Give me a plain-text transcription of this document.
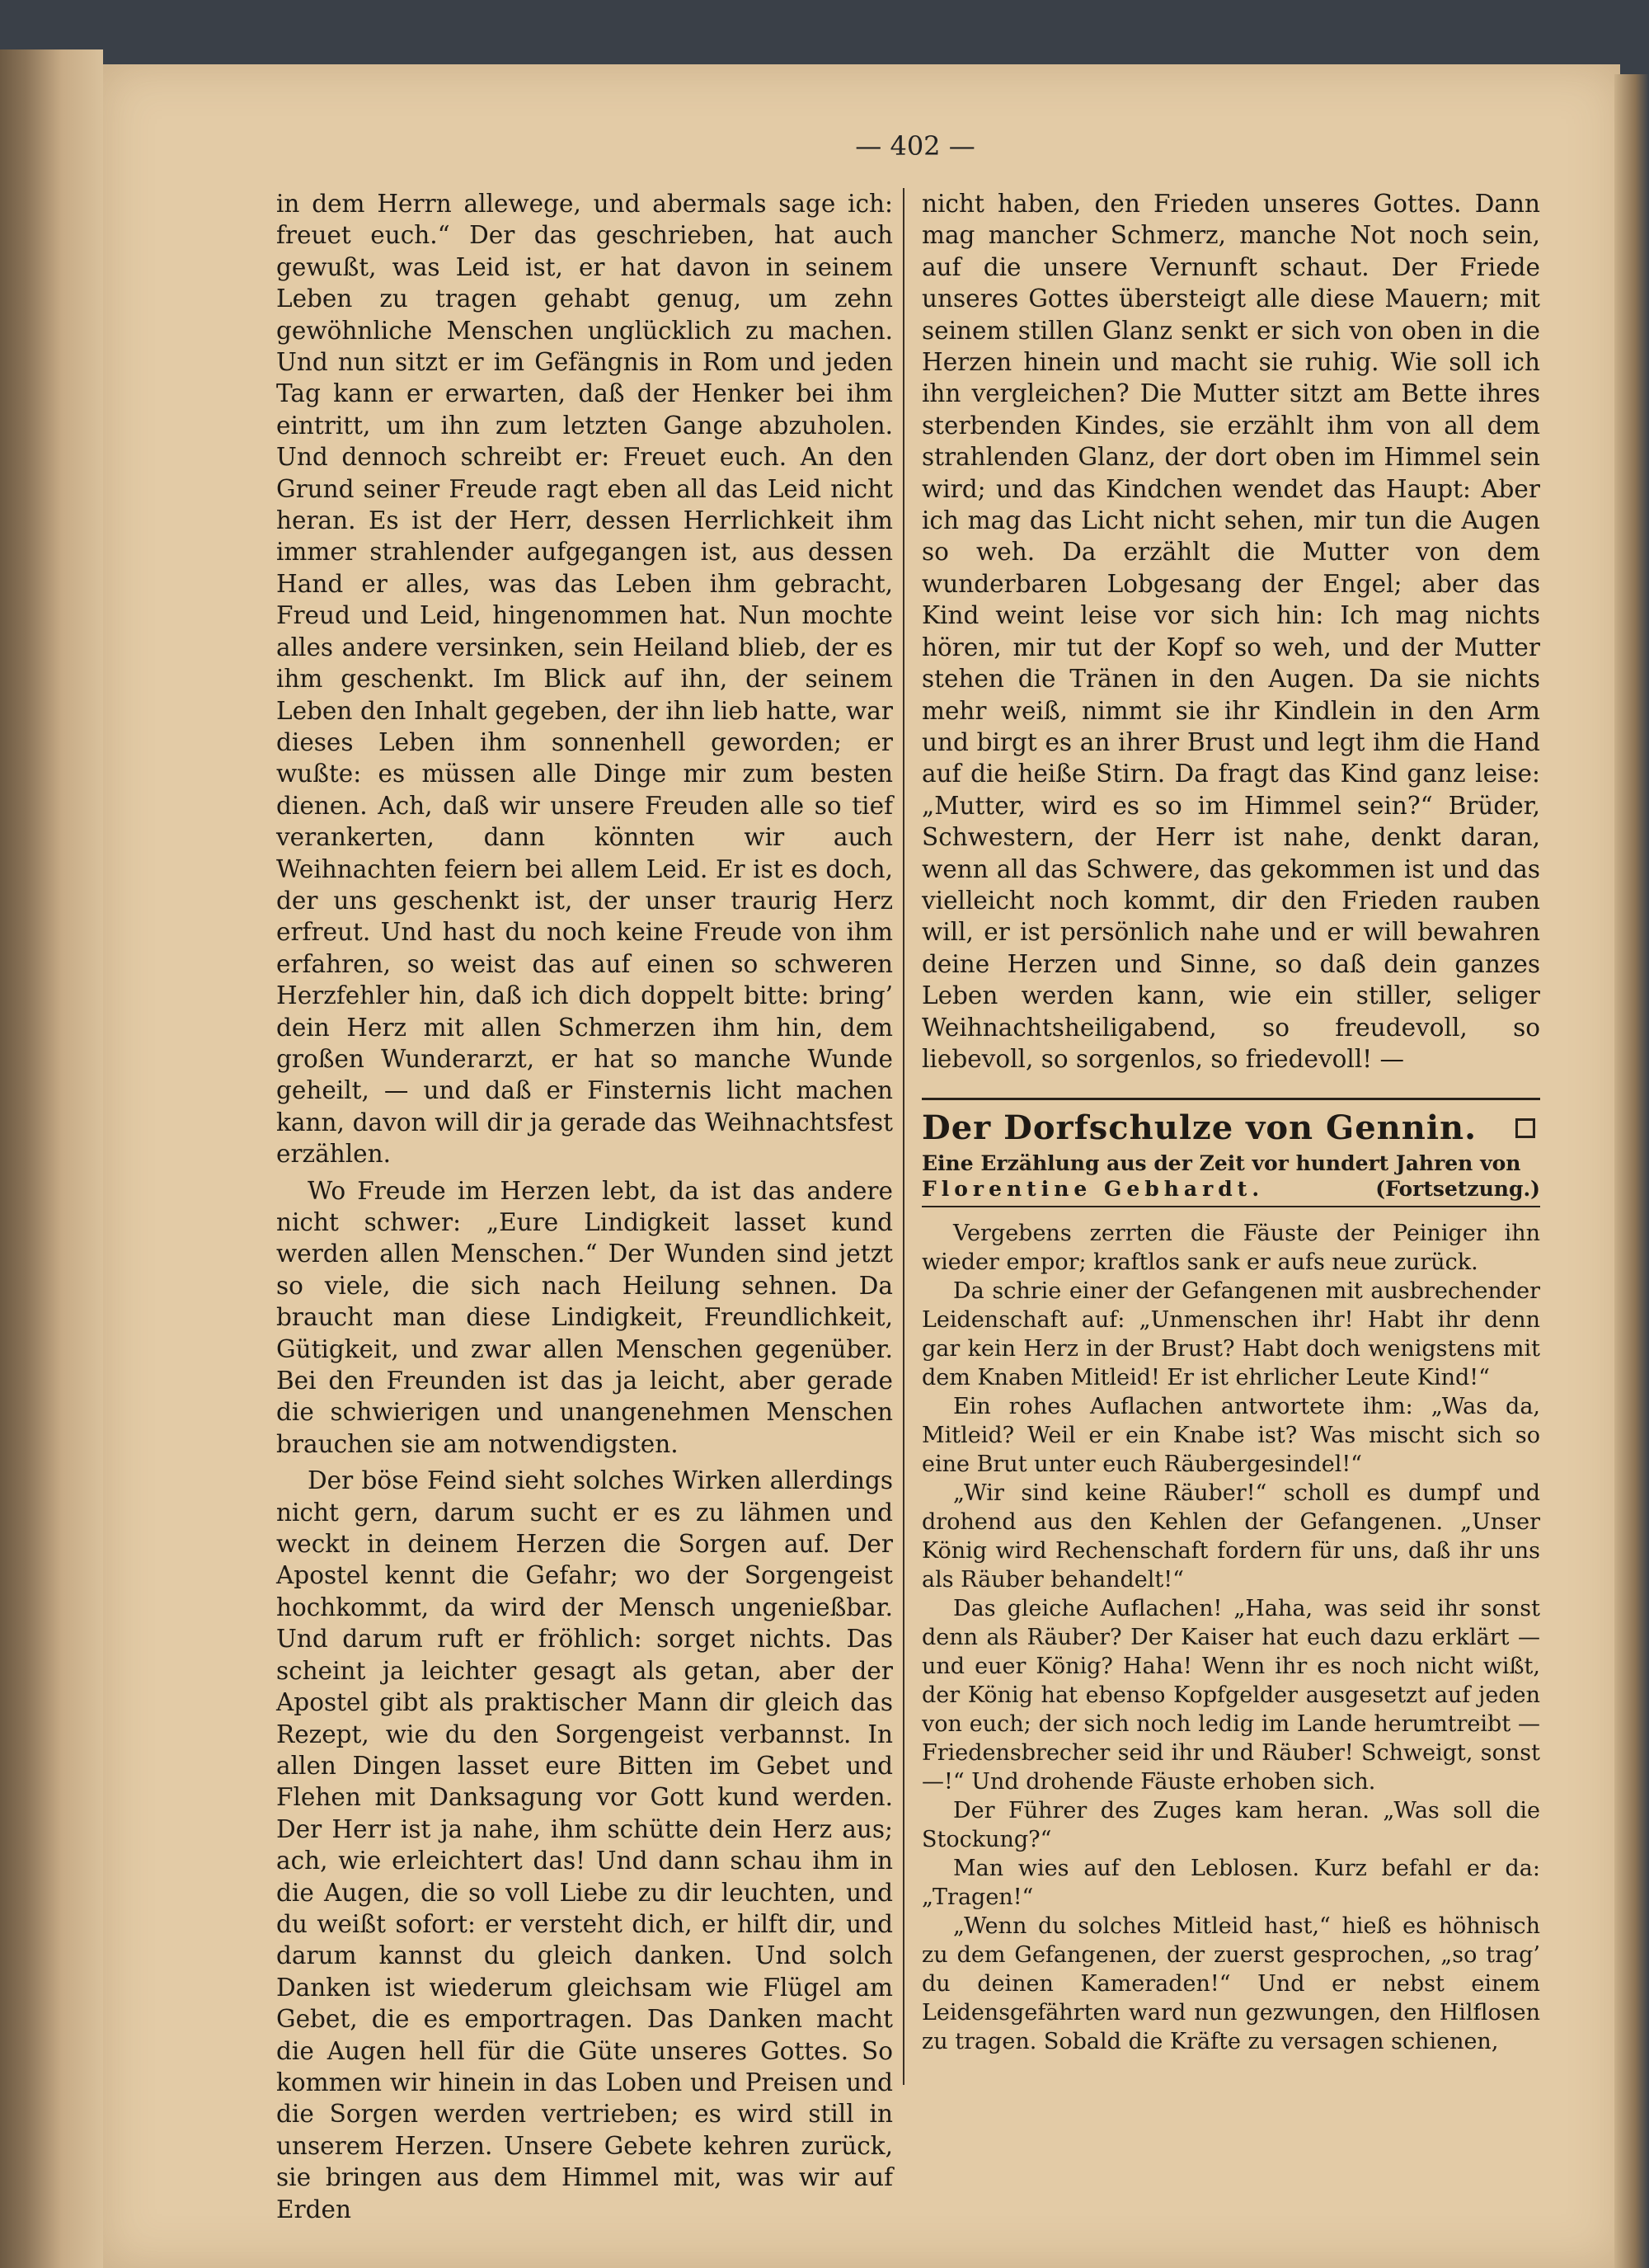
— 402 —

in dem Herrn allewege, und abermals sage ich: freuet euch.“ Der das geschrieben, hat auch gewußt, was Leid ist, er hat davon in seinem Leben zu tragen gehabt genug, um zehn gewöhnliche Menschen unglücklich zu machen. Und nun sitzt er im Gefängnis in Rom und jeden Tag kann er erwarten, daß der Henker bei ihm eintritt, um ihn zum letzten Gange abzuholen. Und dennoch schreibt er: Freuet euch. An den Grund seiner Freude ragt eben all das Leid nicht heran. Es ist der Herr, dessen Herrlichkeit ihm immer strahlender aufgegangen ist, aus dessen Hand er alles, was das Leben ihm gebracht, Freud und Leid, hingenommen hat. Nun mochte alles andere versinken, sein Heiland blieb, der es ihm geschenkt. Im Blick auf ihn, der seinem Leben den Inhalt gegeben, der ihn lieb hatte, war dieses Leben ihm sonnenhell geworden; er wußte: es müssen alle Dinge mir zum besten dienen. Ach, daß wir unsere Freuden alle so tief verankerten, dann könnten wir auch Weihnachten feiern bei allem Leid. Er ist es doch, der uns geschenkt ist, der unser traurig Herz erfreut. Und hast du noch keine Freude von ihm erfahren, so weist das auf einen so schweren Herzfehler hin, daß ich dich doppelt bitte: bring’ dein Herz mit allen Schmerzen ihm hin, dem großen Wunderarzt, er hat so manche Wunde geheilt, — und daß er Finsternis licht machen kann, davon will dir ja gerade das Weihnachtsfest erzählen.

Wo Freude im Herzen lebt, da ist das andere nicht schwer: „Eure Lindigkeit lasset kund werden allen Menschen.“ Der Wunden sind jetzt so viele, die sich nach Heilung sehnen. Da braucht man diese Lindigkeit, Freundlichkeit, Gütigkeit, und zwar allen Menschen gegenüber. Bei den Freunden ist das ja leicht, aber gerade die schwierigen und unangenehmen Menschen brauchen sie am notwendigsten.

Der böse Feind sieht solches Wirken allerdings nicht gern, darum sucht er es zu lähmen und weckt in deinem Herzen die Sorgen auf. Der Apostel kennt die Gefahr; wo der Sorgengeist hochkommt, da wird der Mensch ungenießbar. Und darum ruft er fröhlich: sorget nichts. Das scheint ja leichter gesagt als getan, aber der Apostel gibt als praktischer Mann dir gleich das Rezept, wie du den Sorgengeist verbannst. In allen Dingen lasset eure Bitten im Gebet und Flehen mit Danksagung vor Gott kund werden. Der Herr ist ja nahe, ihm schütte dein Herz aus; ach, wie erleichtert das! Und dann schau ihm in die Augen, die so voll Liebe zu dir leuchten, und du weißt sofort: er versteht dich, er hilft dir, und darum kannst du gleich danken. Und solch Danken ist wiederum gleichsam wie Flügel am Gebet, die es emportragen. Das Danken macht die Augen hell für die Güte unseres Gottes. So kommen wir hinein in das Loben und Preisen und die Sorgen werden vertrieben; es wird still in unserem Herzen. Unsere Gebete kehren zurück, sie bringen aus dem Himmel mit, was wir auf Erden

nicht haben, den Frieden unseres Gottes. Dann mag mancher Schmerz, manche Not noch sein, auf die unsere Vernunft schaut. Der Friede unseres Gottes übersteigt alle diese Mauern; mit seinem stillen Glanz senkt er sich von oben in die Herzen hinein und macht sie ruhig. Wie soll ich ihn vergleichen? Die Mutter sitzt am Bette ihres sterbenden Kindes, sie erzählt ihm von all dem strahlenden Glanz, der dort oben im Himmel sein wird; und das Kindchen wendet das Haupt: Aber ich mag das Licht nicht sehen, mir tun die Augen so weh. Da erzählt die Mutter von dem wunderbaren Lobgesang der Engel; aber das Kind weint leise vor sich hin: Ich mag nichts hören, mir tut der Kopf so weh, und der Mutter stehen die Tränen in den Augen. Da sie nichts mehr weiß, nimmt sie ihr Kindlein in den Arm und birgt es an ihrer Brust und legt ihm die Hand auf die heiße Stirn. Da fragt das Kind ganz leise: „Mutter, wird es so im Himmel sein?“ Brüder, Schwestern, der Herr ist nahe, denkt daran, wenn all das Schwere, das gekommen ist und das vielleicht noch kommt, dir den Frieden rauben will, er ist persönlich nahe und er will bewahren deine Herzen und Sinne, so daß dein ganzes Leben werden kann, wie ein stiller, seliger Weihnachtsheiligabend, so freudevoll, so liebevoll, so sorgenlos, so friedevoll! —

Der Dorfschulze von Gennin.
Eine Erzählung aus der Zeit vor hundert Jahren von
Florentine Gebhardt.	(Fortsetzung.)

Vergebens zerrten die Fäuste der Peiniger ihn wieder empor; kraftlos sank er aufs neue zurück.

Da schrie einer der Gefangenen mit ausbrechender Leidenschaft auf: „Unmenschen ihr! Habt ihr denn gar kein Herz in der Brust? Habt doch wenigstens mit dem Knaben Mitleid! Er ist ehrlicher Leute Kind!“

Ein rohes Auflachen antwortete ihm: „Was da, Mitleid? Weil er ein Knabe ist? Was mischt sich so eine Brut unter euch Räubergesindel!“

„Wir sind keine Räuber!“ scholl es dumpf und drohend aus den Kehlen der Gefangenen. „Unser König wird Rechenschaft fordern für uns, daß ihr uns als Räuber behandelt!“

Das gleiche Auflachen! „Haha, was seid ihr sonst denn als Räuber? Der Kaiser hat euch dazu erklärt — und euer König? Haha! Wenn ihr es noch nicht wißt, der König hat ebenso Kopfgelder ausgesetzt auf jeden von euch; der sich noch ledig im Lande herumtreibt — Friedensbrecher seid ihr und Räuber! Schweigt, sonst —!“ Und drohende Fäuste erhoben sich.

Der Führer des Zuges kam heran. „Was soll die Stockung?“

Man wies auf den Leblosen. Kurz befahl er da: „Tragen!“

„Wenn du solches Mitleid hast,“ hieß es höhnisch zu dem Gefangenen, der zuerst gesprochen, „so trag’ du deinen Kameraden!“ Und er nebst einem Leidensgefährten ward nun gezwungen, den Hilflosen zu tragen. Sobald die Kräfte zu versagen schienen,
